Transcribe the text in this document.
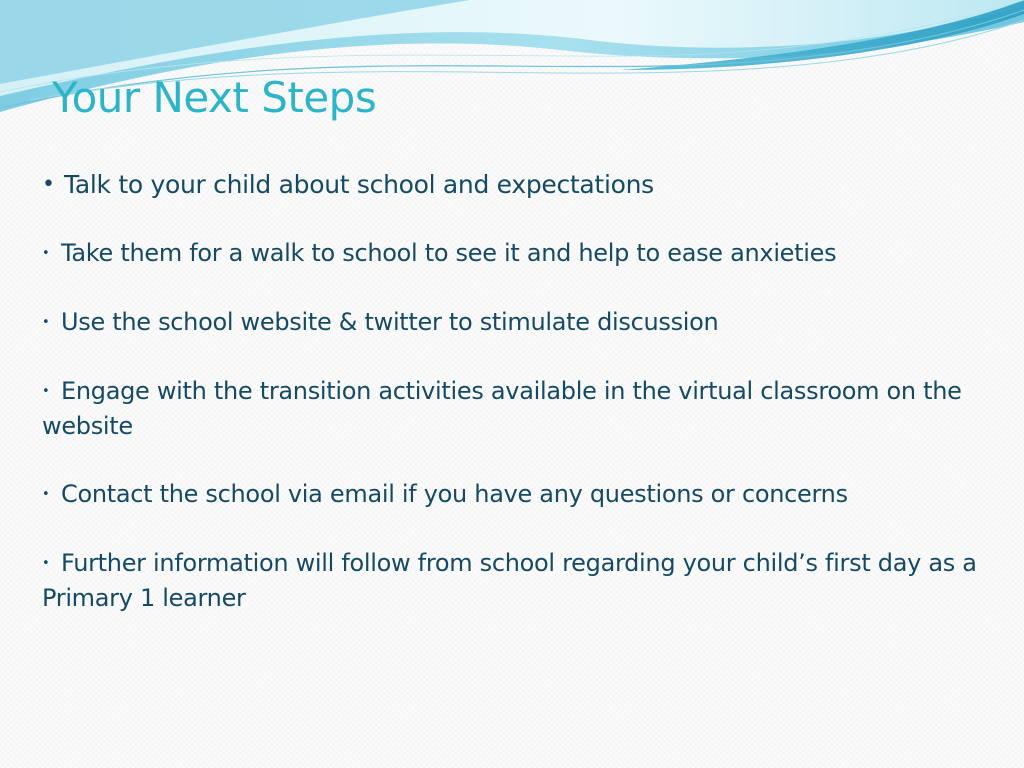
Your Next Steps
• Talk to your child about school and expectations
• Take them for a walk to school to see it and help to ease anxieties
• Use the school website & twitter to stimulate discussion
• Engage with the transition activities available in the virtual classroom on the website
• Contact the school via email if you have any questions or concerns
• Further information will follow from school regarding your child’s first day as a Primary 1 learner
